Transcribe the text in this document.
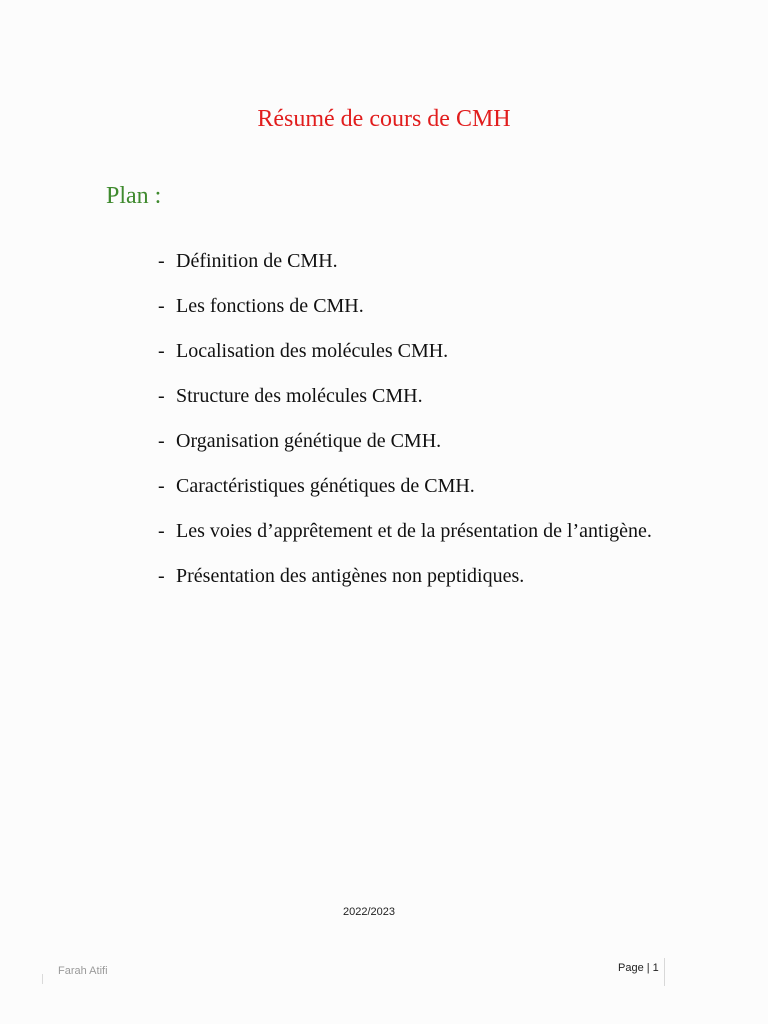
Résumé de cours de CMH
Plan :
- Définition de CMH.
- Les fonctions de CMH.
- Localisation des molécules CMH.
- Structure des molécules CMH.
- Organisation génétique de CMH.
- Caractéristiques génétiques de CMH.
- Les voies d’apprêtement et de la présentation de l’antigène.
- Présentation des antigènes non peptidiques.
2022/2023
Farah Atifi	Page | 1
